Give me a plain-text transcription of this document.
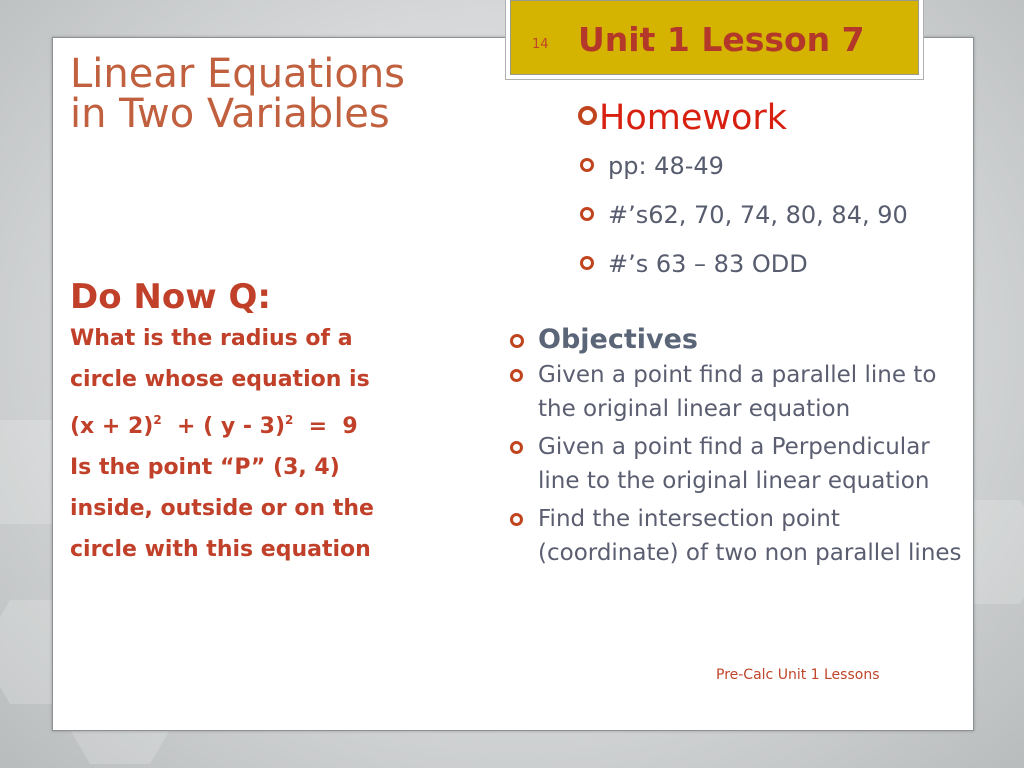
Unit 1 Lesson 7
14
Linear Equations
in Two Variables
Do Now Q:
What is the radius of a
circle whose equation is
$(x + 2)^2$  + ( y - 3)$^2$  =  9
Is the point “P” (3, 4)
inside, outside or on the
circle with this equation
Homework
pp: 48-49
#’s62, 70, 74, 80, 84, 90
#’s 63 – 83 ODD
Objectives
Given a point find a parallel line to the original linear equation
Given a point find a Perpendicular line to the original linear equation
Find the intersection point (coordinate) of two non parallel lines
Pre-Calc Unit 1 Lessons
